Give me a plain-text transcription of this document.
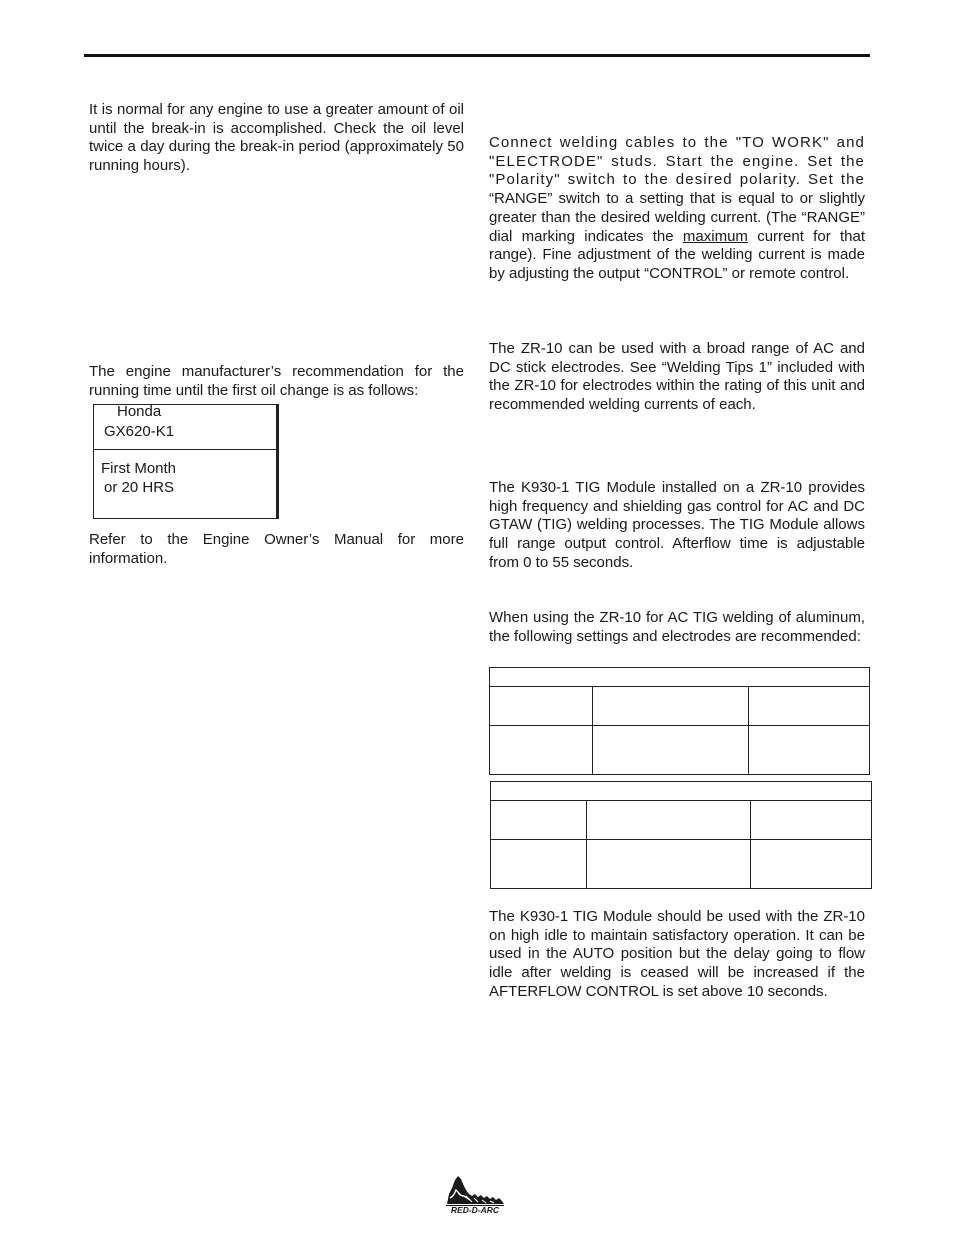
It is normal for any engine to use a greater amount of oil until the break-in is accomplished. Check the oil level twice a day during the break-in period (approximately 50 running hours).

The engine manufacturer’s recommendation for the running time until the first oil change is as follows:

Honda
GX620-K1
First Month
or 20 HRS

Refer to the Engine Owner’s Manual for more information.

Connect welding cables to the "TO WORK" and "ELECTRODE" studs. Start the engine. Set the "Polarity" switch to the desired polarity. Set the
“RANGE” switch to a setting that is equal to or slightly greater than the desired welding current. (The “RANGE” dial marking indicates the maximum current for that range). Fine adjustment of the welding current is made by adjusting the output “CONTROL” or remote control.

The ZR-10 can be used with a broad range of AC and DC stick electrodes. See “Welding Tips 1” included with the ZR-10 for electrodes within the rating of this unit and recommended welding currents of each.

The K930-1 TIG Module installed on a ZR-10 provides high frequency and shielding gas control for AC and DC GTAW (TIG) welding processes. The TIG Module allows full range output control. Afterflow time is adjustable from 0 to 55 seconds.

When using the ZR-10 for AC TIG welding of aluminum, the following settings and electrodes are recommended:

The K930-1 TIG Module should be used with the ZR-10 on high idle to maintain satisfactory operation. It can be used in the AUTO position but the delay going to flow idle after welding is ceased will be increased if the AFTERFLOW CONTROL is set above 10 seconds.

RED-D-ARC
